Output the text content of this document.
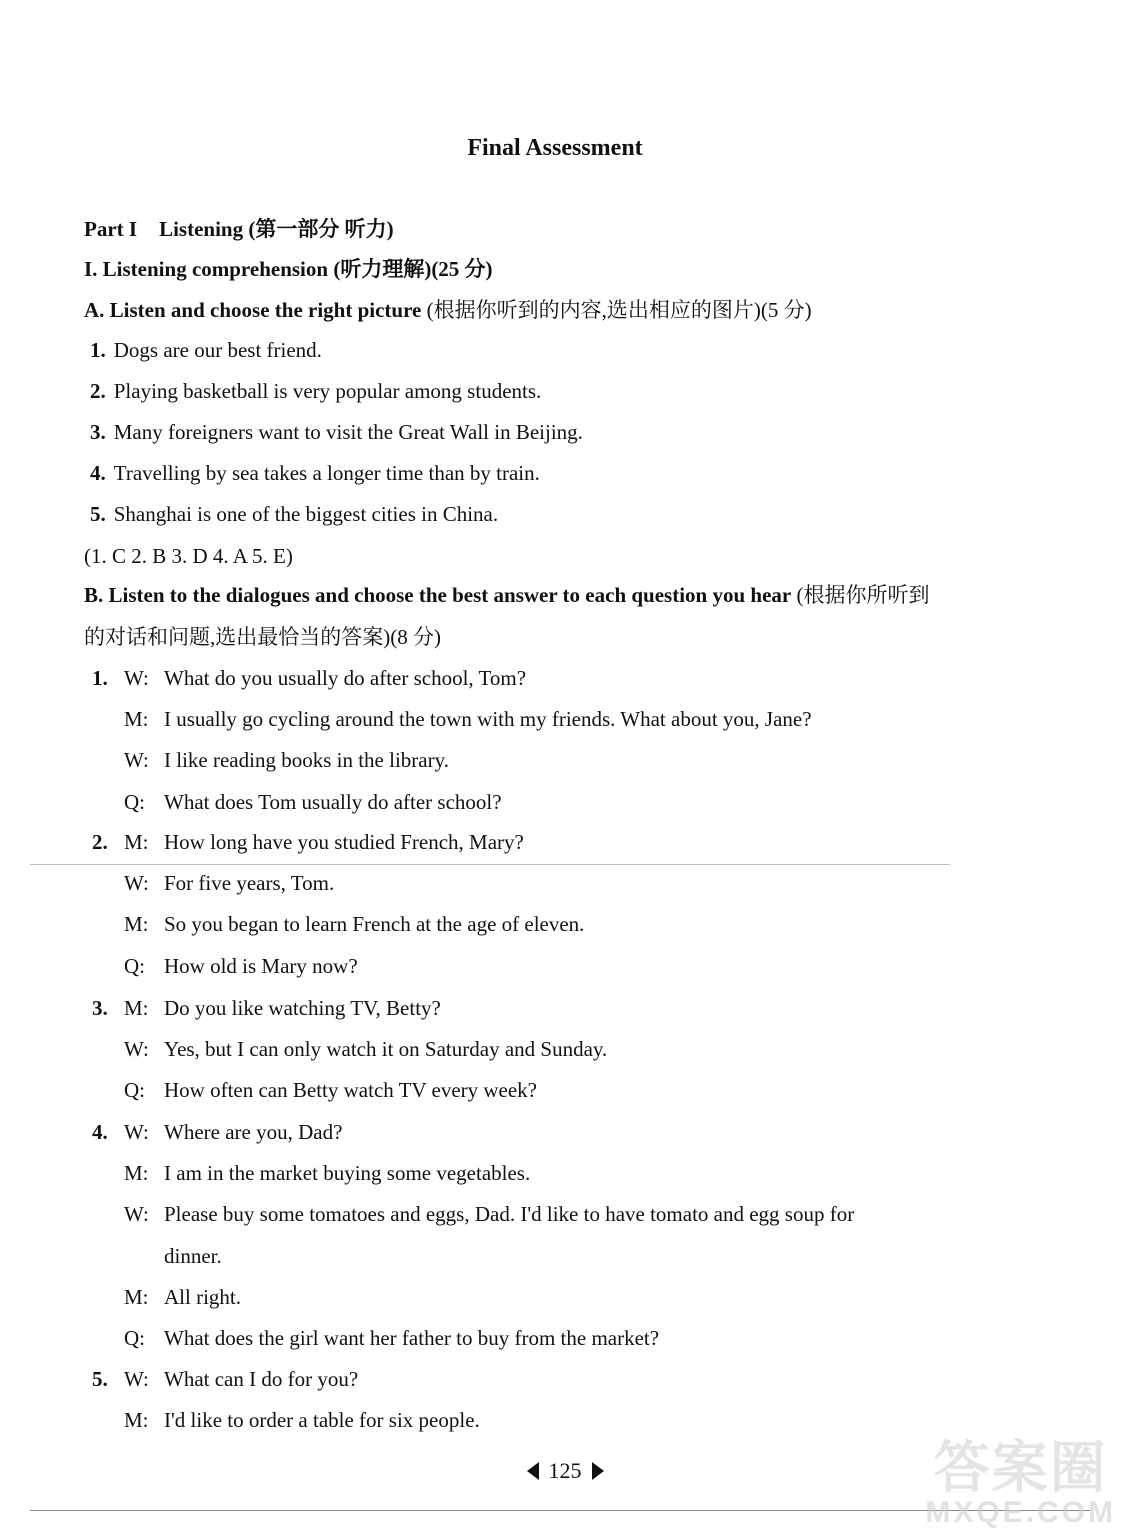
Final Assessment
Part I Listening (第一部分 听力)
I. Listening comprehension (听力理解)(25 分)
A. Listen and choose the right picture (根据你听到的内容,选出相应的图片)(5 分)
1. Dogs are our best friend.
2. Playing basketball is very popular among students.
3. Many foreigners want to visit the Great Wall in Beijing.
4. Travelling by sea takes a longer time than by train.
5. Shanghai is one of the biggest cities in China.
(1. C 2. B 3. D 4. A 5. E)
B. Listen to the dialogues and choose the best answer to each question you hear (根据你所听到
的对话和问题,选出最恰当的答案)(8 分)
1. W: What do you usually do after school, Tom?
M: I usually go cycling around the town with my friends. What about you, Jane?
W: I like reading books in the library.
Q: What does Tom usually do after school?
2. M: How long have you studied French, Mary?
W: For five years, Tom.
M: So you began to learn French at the age of eleven.
Q: How old is Mary now?
3. M: Do you like watching TV, Betty?
W: Yes, but I can only watch it on Saturday and Sunday.
Q: How often can Betty watch TV every week?
4. W: Where are you, Dad?
M: I am in the market buying some vegetables.
W: Please buy some tomatoes and eggs, Dad. I'd like to have tomato and egg soup for
dinner.
M: All right.
Q: What does the girl want her father to buy from the market?
5. W: What can I do for you?
M: I'd like to order a table for six people.
125	答案圈
MXQE.COM
